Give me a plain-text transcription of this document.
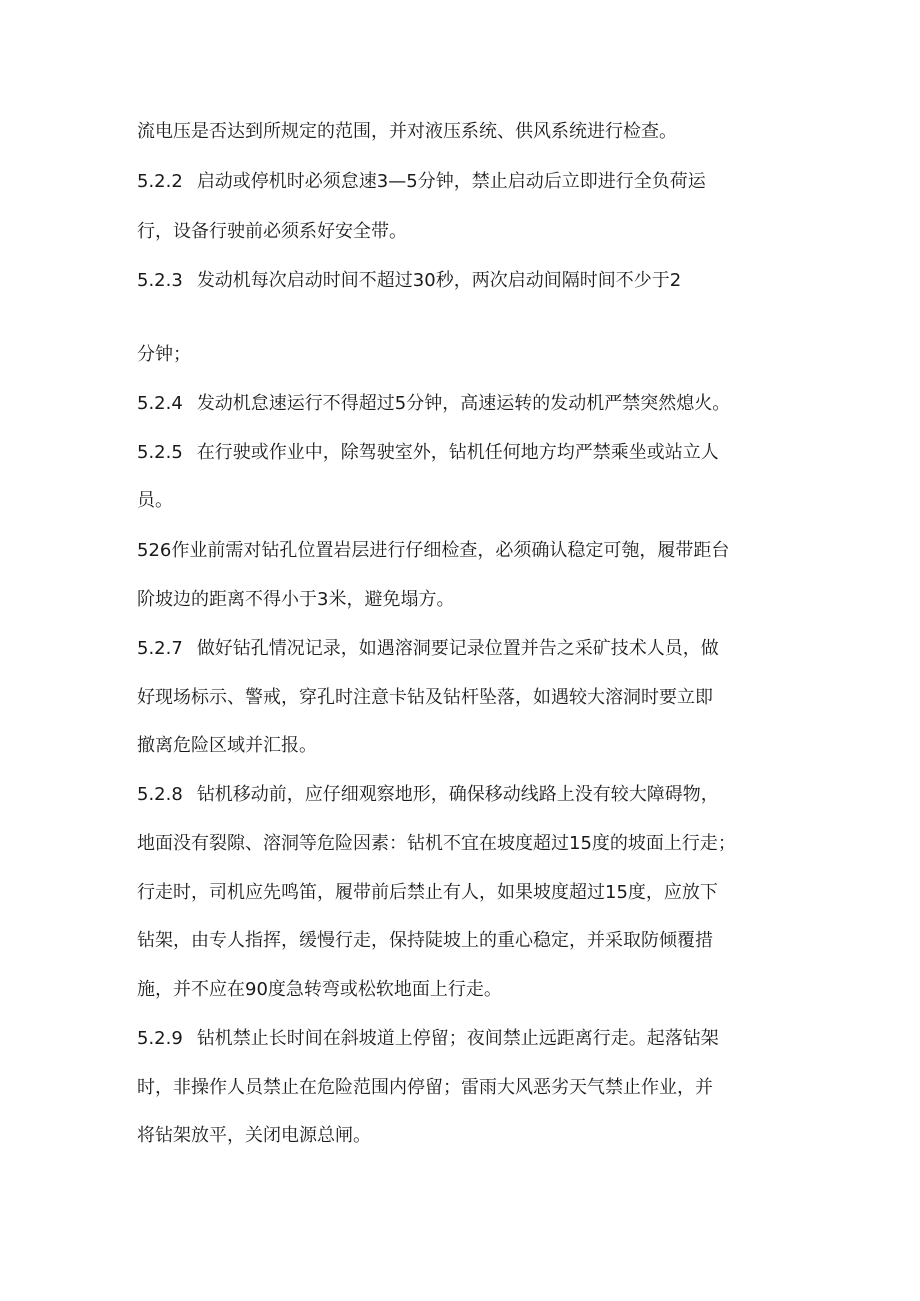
流电压是否达到所规定的范围，并对液压系统、供风系统进行检查。

5.2.2 启动或停机时必须怠速3—5分钟，禁止启动后立即进行全负荷运

行，设备行驶前必须系好安全带。

5.2.3 发动机每次启动时间不超过30秒，两次启动间隔时间不少于2

分钟；

5.2.4 发动机怠速运行不得超过5分钟，高速运转的发动机严禁突然熄火。

5.2.5 在行驶或作业中，除驾驶室外，钻机任何地方均严禁乘坐或站立人

员。

526作业前需对钻孔位置岩层进行仔细检查，必须确认稳定可匏，履带距台

阶坡边的距离不得小于3米，避免塌方。

5.2.7 做好钻孔情况记录，如遇溶洞要记录位置并告之采矿技术人员，做

好现场标示、警戒，穿孔时注意卡钻及钻杆坠落，如遇较大溶洞时要立即

撤离危险区域并汇报。

5.2.8 钻机移动前，应仔细观察地形，确保移动线路上没有较大障碍物，

地面没有裂隙、溶洞等危险因素：钻机不宜在坡度超过15度的坡面上行走；

行走时，司机应先鸣笛，履带前后禁止有人，如果坡度超过15度，应放下

钻架，由专人指挥，缓慢行走，保持陡坡上的重心稳定，并采取防倾覆措

施，并不应在90度急转弯或松软地面上行走。

5.2.9 钻机禁止长时间在斜坡道上停留；夜间禁止远距离行走。起落钻架

时，非操作人员禁止在危险范围内停留；雷雨大风恶劣天气禁止作业，并

将钻架放平，关闭电源总闸。
